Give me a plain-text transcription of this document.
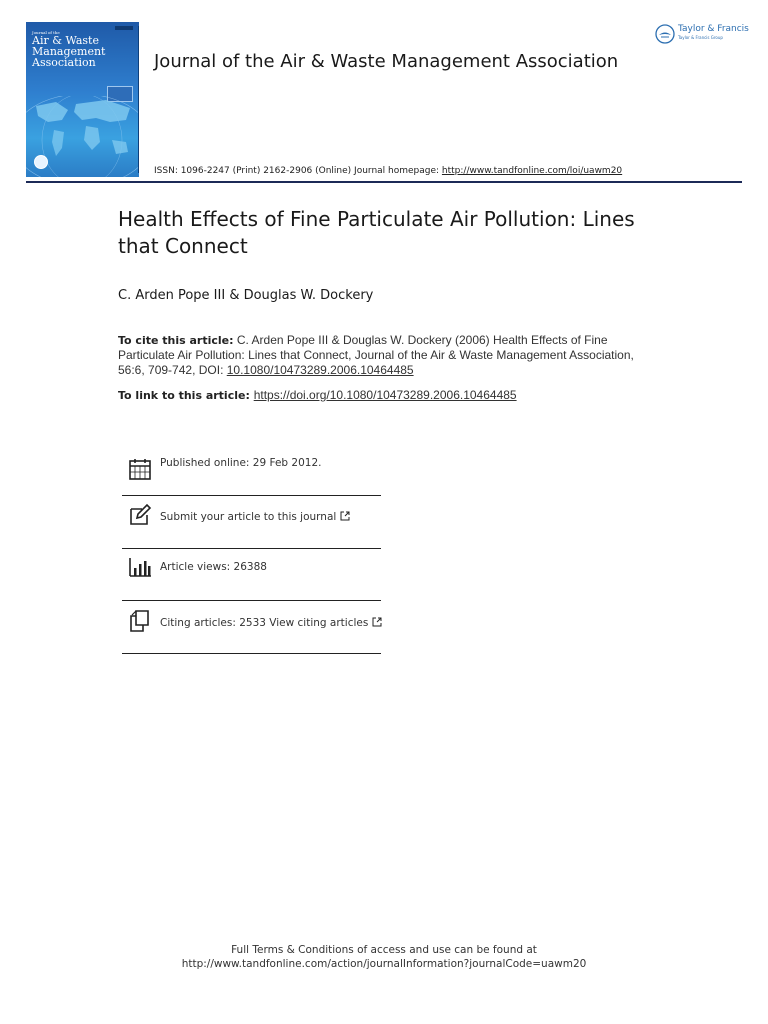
Journal of the
Air & Waste
Management
Association	Journal of the Air & Waste Management Association
Taylor & Francis
Taylor & Francis Group
ISSN: 1096-2247 (Print) 2162-2906 (Online) Journal homepage: http://www.tandfonline.com/loi/uawm20
Health Effects of Fine Particulate Air Pollution: Lines that Connect
C. Arden Pope III & Douglas W. Dockery
To cite this article: C. Arden Pope III & Douglas W. Dockery (2006) Health Effects of Fine Particulate Air Pollution: Lines that Connect, Journal of the Air & Waste Management Association, 56:6, 709-742, DOI: 10.1080/10473289.2006.10464485
To link to this article: https://doi.org/10.1080/10473289.2006.10464485
Published online: 29 Feb 2012.
Submit your article to this journal
Article views: 26388
Citing articles: 2533 View citing articles
Full Terms & Conditions of access and use can be found at
http://www.tandfonline.com/action/journalInformation?journalCode=uawm20
